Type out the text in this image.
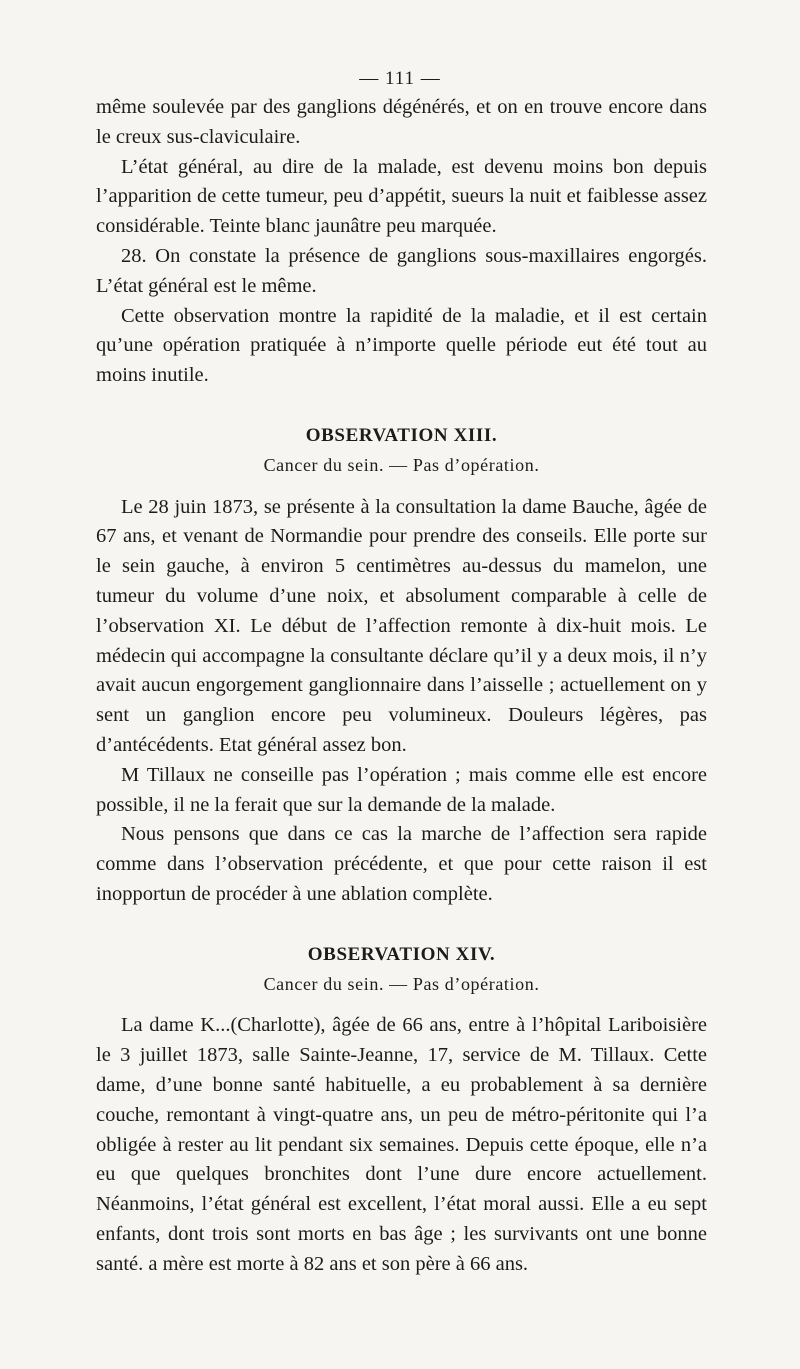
— 111 —

même soulevée par des ganglions dégénérés, et on en trouve encore dans le creux sus-claviculaire.

L’état général, au dire de la malade, est devenu moins bon depuis l’apparition de cette tumeur, peu d’appétit, sueurs la nuit et faiblesse assez considérable. Teinte blanc jaunâtre peu marquée.

28. On constate la présence de ganglions sous-maxillaires engorgés. L’état général est le même.

Cette observation montre la rapidité de la maladie, et il est certain qu’une opération pratiquée à n’importe quelle période eut été tout au moins inutile.

OBSERVATION XIII.
Cancer du sein. — Pas d’opération.

Le 28 juin 1873, se présente à la consultation la dame Bauche, âgée de 67 ans, et venant de Normandie pour prendre des conseils. Elle porte sur le sein gauche, à environ 5 centimètres au-dessus du mamelon, une tumeur du volume d’une noix, et absolument comparable à celle de l’observation XI. Le début de l’affection remonte à dix-huit mois. Le médecin qui accompagne la consultante déclare qu’il y a deux mois, il n’y avait aucun engorgement ganglionnaire dans l’aisselle ; actuellement on y sent un ganglion encore peu volumineux. Douleurs légères, pas d’antécédents. Etat général assez bon.

M Tillaux ne conseille pas l’opération ; mais comme elle est encore possible, il ne la ferait que sur la demande de la malade.

Nous pensons que dans ce cas la marche de l’affection sera rapide comme dans l’observation précédente, et que pour cette raison il est inopportun de procéder à une ablation complète.

OBSERVATION XIV.
Cancer du sein. — Pas d’opération.

La dame K...(Charlotte), âgée de 66 ans, entre à l’hôpital Lariboisière le 3 juillet 1873, salle Sainte-Jeanne, 17, service de M. Tillaux. Cette dame, d’une bonne santé habituelle, a eu probablement à sa dernière couche, remontant à vingt-quatre ans, un peu de métro-péritonite qui l’a obligée à rester au lit pendant six semaines. Depuis cette époque, elle n’a eu que quelques bronchites dont l’une dure encore actuellement. Néanmoins, l’état général est excellent, l’état moral aussi. Elle a eu sept enfants, dont trois sont morts en bas âge ; les survivants ont une bonne santé. a mère est morte à 82 ans et son père à 66 ans.
